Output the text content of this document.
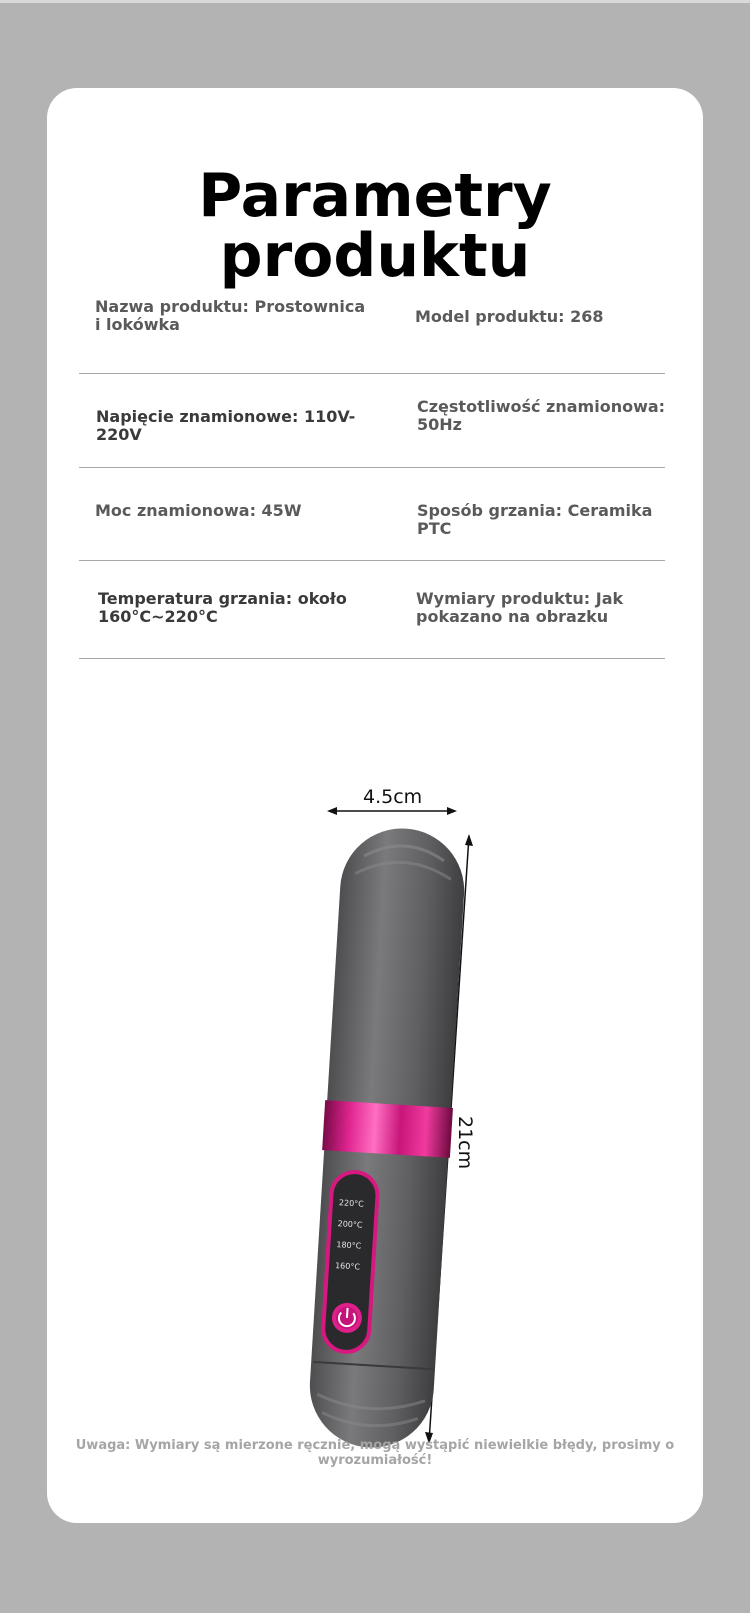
Parametry produktu
Nazwa produktu: Prostownica i lokówka	Model produktu: 268
Napięcie znamionowe: 110V-220V
Częstotliwość znamionowa: 50Hz
Moc znamionowa: 45W	Sposób grzania: Ceramika PTC
Temperatura grzania: około 160°C~220°C
Wymiary produktu: Jak pokazano na obrazku
4.5cm
21cm
220°C
200°C
180°C
160°C
Uwaga: Wymiary są mierzone ręcznie, mogą wystąpić niewielkie błędy, prosimy o wyrozumiałość!
